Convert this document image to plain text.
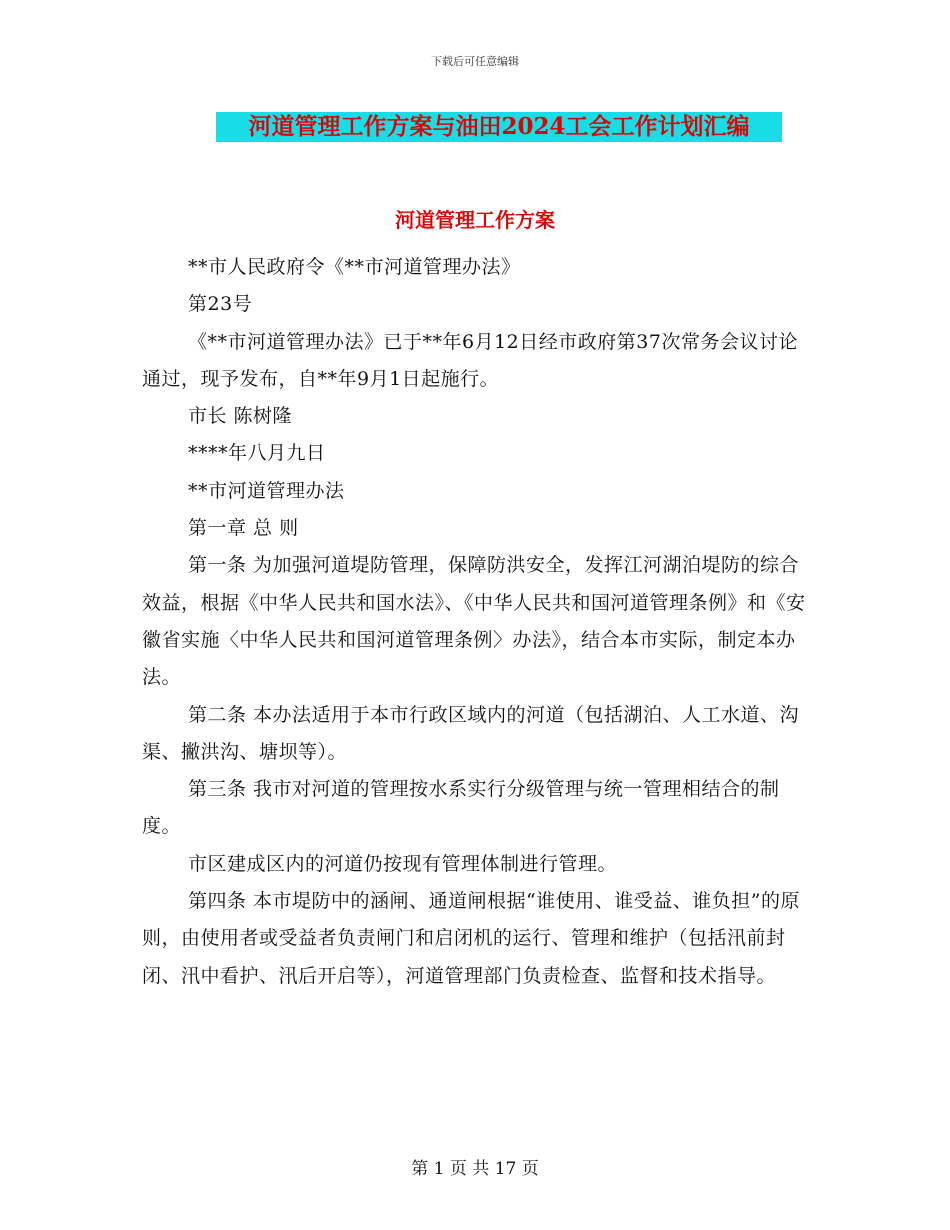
下载后可任意编辑
河道管理工作方案与油田2024工会工作计划汇编
河道管理工作方案

**市人民政府令《**市河道管理办法》

第23号

《**市河道管理办法》已于**年6月12日经市政府第37次常务会议讨论通过，现予发布，自**年9月1日起施行。

市长 陈树隆

****年八月九日

**市河道管理办法

第一章 总 则

第一条 为加强河道堤防管理，保障防洪安全，发挥江河湖泊堤防的综合效益，根据《中华人民共和国水法》、《中华人民共和国河道管理条例》和《安徽省实施〈中华人民共和国河道管理条例〉办法》，结合本市实际，制定本办法。

第二条 本办法适用于本市行政区域内的河道（包括湖泊、人工水道、沟渠、撇洪沟、塘坝等）。

第三条 我市对河道的管理按水系实行分级管理与统一管理相结合的制度。

市区建成区内的河道仍按现有管理体制进行管理。

第四条 本市堤防中的涵闸、通道闸根据“谁使用、谁受益、谁负担”的原则，由使用者或受益者负责闸门和启闭机的运行、管理和维护（包括汛前封闭、汛中看护、汛后开启等），河道管理部门负责检查、监督和技术指导。

第 1 页 共 17 页
